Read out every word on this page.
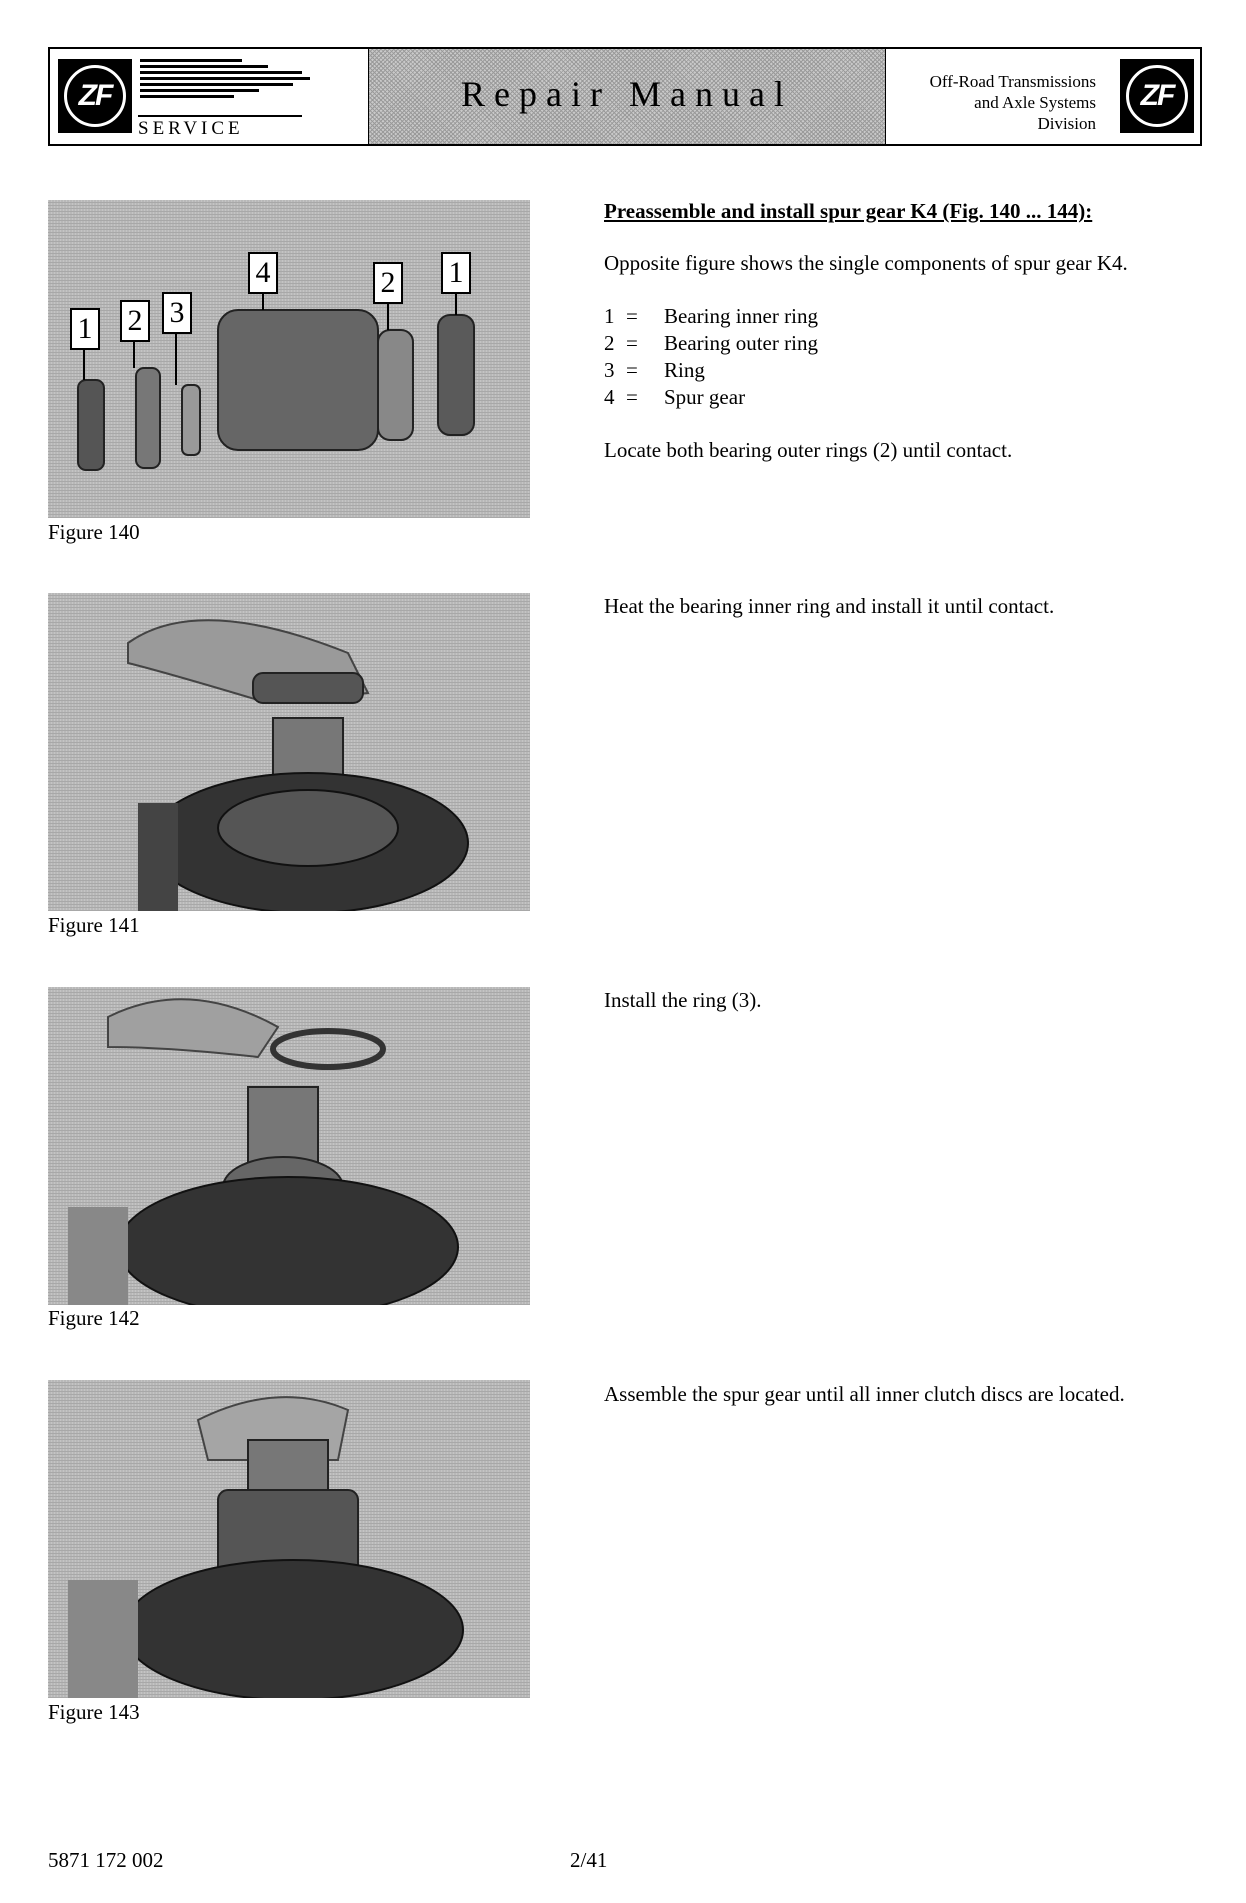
ZF
SERVICE
Repair Manual	Off-Road Transmissions
and Axle Systems
Division
ZF
1 2 3
4	2 1
Figure 140
Preassemble and install spur gear K4 (Fig. 140 ... 144):
Opposite figure shows the single components of spur gear K4.
1 =	Bearing inner ring
2 =	Bearing outer ring
3 =	Ring
4 =	Spur gear
Locate both bearing outer rings (2) until contact.
Figure 141
Heat the bearing inner ring and install it until contact.
Figure 142
Install the ring (3).
Figure 143
Assemble the spur gear until all inner clutch discs are located.
5871 172 002	2/41
